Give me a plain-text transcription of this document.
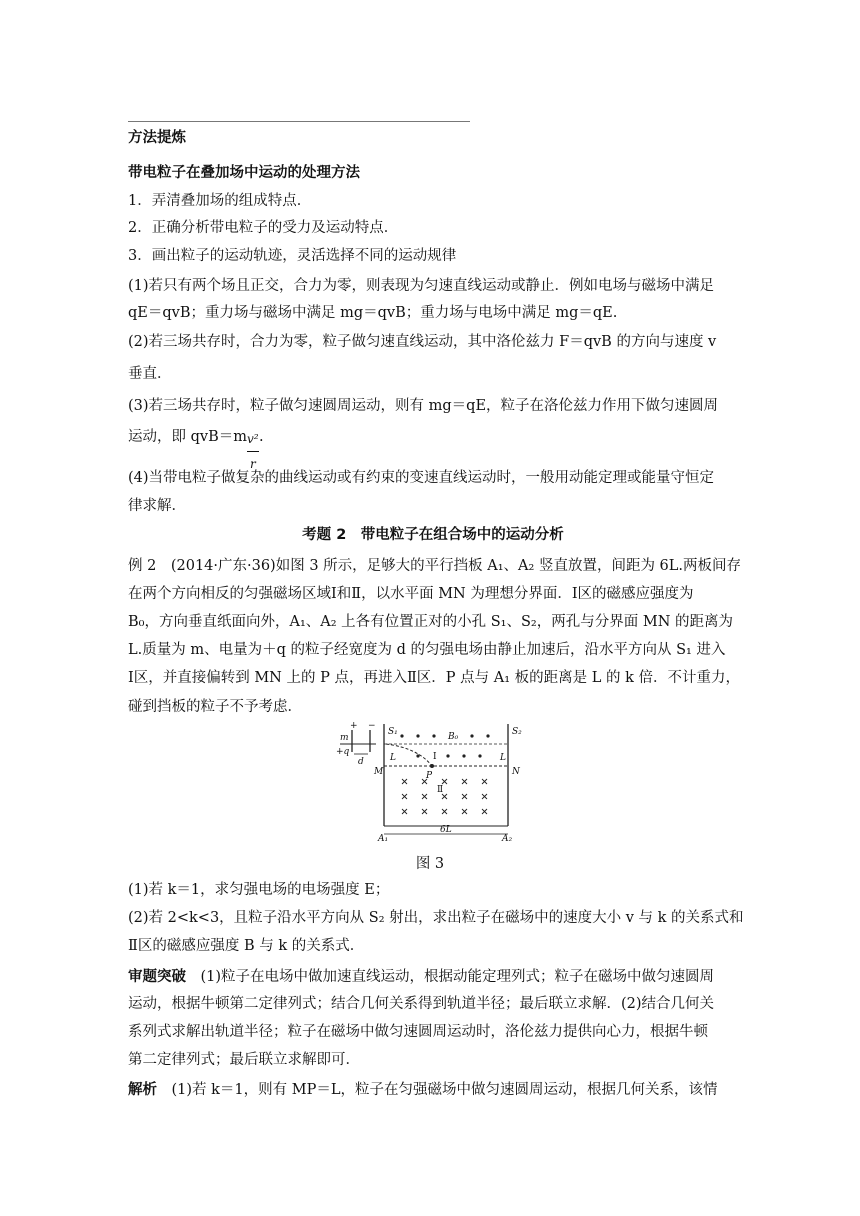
方法提炼
带电粒子在叠加场中运动的处理方法
1．弄清叠加场的组成特点．
2．正确分析带电粒子的受力及运动特点．
3．画出粒子的运动轨迹，灵活选择不同的运动规律
(1)若只有两个场且正交，合力为零，则表现为匀速直线运动或静止．例如电场与磁场中满足
qE＝qvB；重力场与磁场中满足 mg＝qvB；重力场与电场中满足 mg＝qE.
(2)若三场共存时，合力为零，粒子做匀速直线运动，其中洛伦兹力 F＝qvB 的方向与速度 v
垂直．
(3)若三场共存时，粒子做匀速圆周运动，则有 mg＝qE，粒子在洛伦兹力作用下做匀速圆周
运动，即 qvB＝m
$\frac{\text{v²}}{r}$
.
(4)当带电粒子做复杂的曲线运动或有约束的变速直线运动时，一般用动能定理或能量守恒定
律求解．
考题 2　带电粒子在组合场中的运动分析
例 2　(2014·广东·36)如图 3 所示，足够大的平行挡板 A₁、A₂ 竖直放置，间距为 6L.两板间存
在两个方向相反的匀强磁场区域Ⅰ和Ⅱ，以水平面 MN 为理想分界面．Ⅰ区的磁感应强度为
B₀，方向垂直纸面向外，A₁、A₂ 上各有位置正对的小孔 S₁、S₂，两孔与分界面 MN 的距离为
L.质量为 m、电量为＋q 的粒子经宽度为 d 的匀强电场由静止加速后，沿水平方向从 S₁ 进入
Ⅰ区，并直接偏转到 MN 上的 P 点，再进入Ⅱ区．P 点与 A₁ 板的距离是 L 的 k 倍．不计重力，
碰到挡板的粒子不予考虑．
+ −
m
+q
d
S₁	S₂
B₀
Ⅰ
Ⅱ
L	L
M	N
P
6L
A₁	A₂
图 3
(1)若 k＝1，求匀强电场的电场强度 E；
(2)若 2<k<3，且粒子沿水平方向从 S₂ 射出，求出粒子在磁场中的速度大小 v 与 k 的关系式和
Ⅱ区的磁感应强度 B 与 k 的关系式．
审题突破　 (1)粒子在电场中做加速直线运动，根据动能定理列式；粒子在磁场中做匀速圆周
运动，根据牛顿第二定律列式；结合几何关系得到轨道半径；最后联立求解．(2)结合几何关
系列式求解出轨道半径；粒子在磁场中做匀速圆周运动时，洛伦兹力提供向心力，根据牛顿
第二定律列式；最后联立求解即可．
解析　 (1)若 k＝1，则有 MP＝L，粒子在匀强磁场中做匀速圆周运动，根据几何关系，该情
